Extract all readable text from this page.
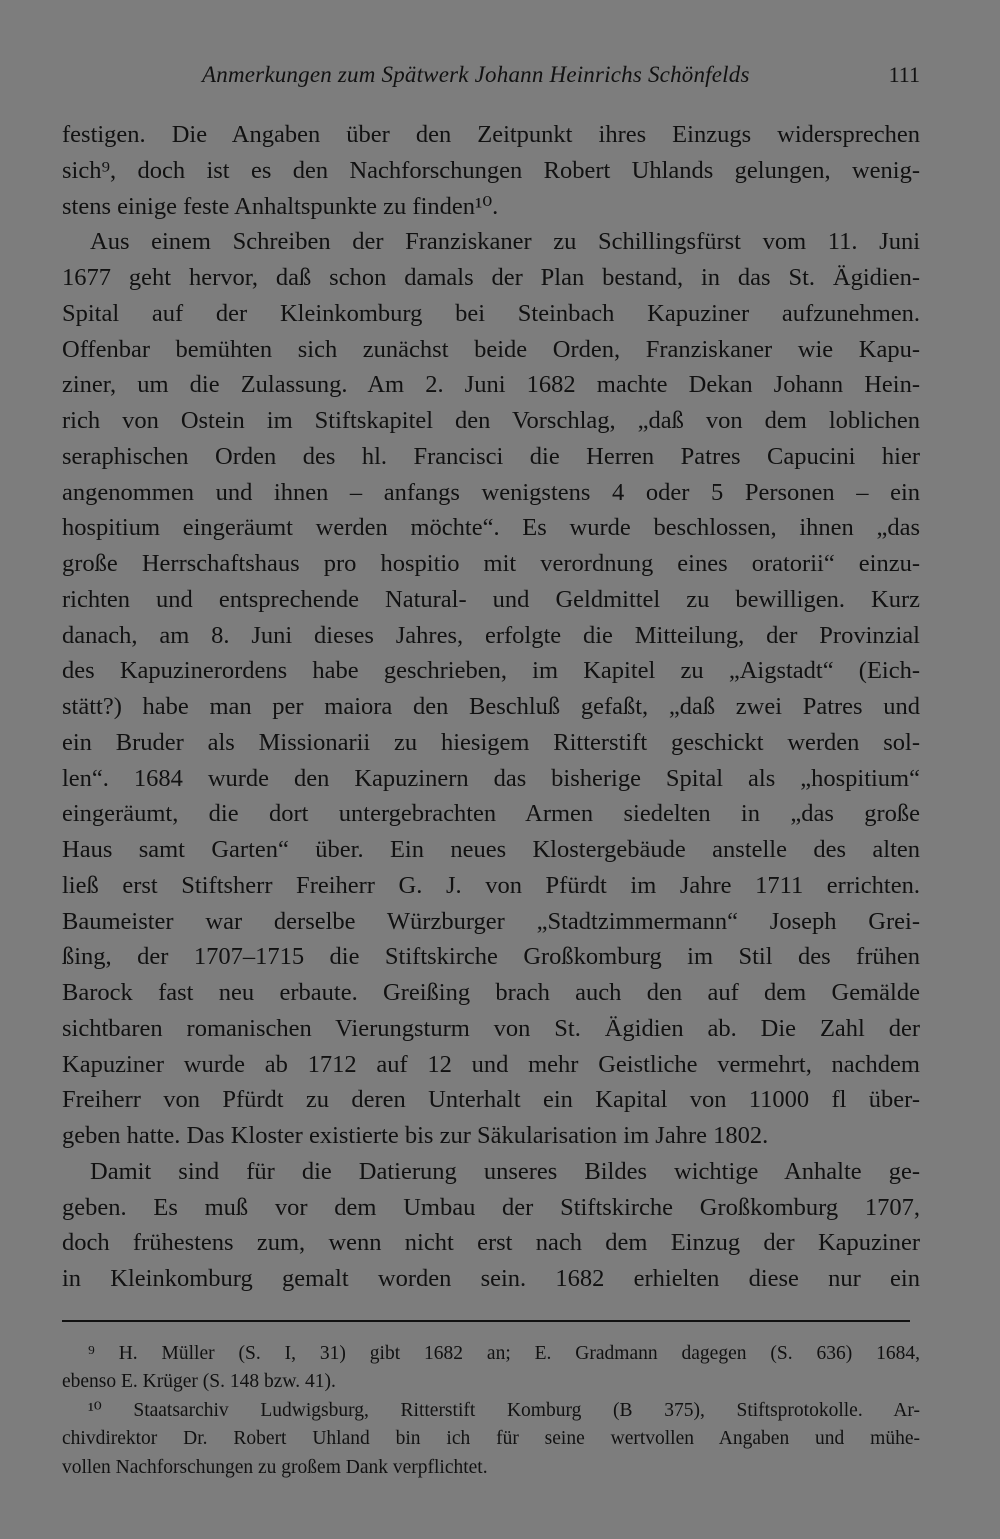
Anmerkungen zum Spätwerk Johann Heinrichs Schönfelds	111
festigen. Die Angaben über den Zeitpunkt ihres Einzugs widersprechen
sich⁹, doch ist es den Nachforschungen Robert Uhlands gelungen, wenig-
stens einige feste Anhaltspunkte zu finden¹⁰.
Aus einem Schreiben der Franziskaner zu Schillingsfürst vom 11. Juni
1677 geht hervor, daß schon damals der Plan bestand, in das St. Ägidien-
Spital auf der Kleinkomburg bei Steinbach Kapuziner aufzunehmen.
Offenbar bemühten sich zunächst beide Orden, Franziskaner wie Kapu-
ziner, um die Zulassung. Am 2. Juni 1682 machte Dekan Johann Hein-
rich von Ostein im Stiftskapitel den Vorschlag, „daß von dem loblichen
seraphischen Orden des hl. Francisci die Herren Patres Capucini hier
angenommen und ihnen – anfangs wenigstens 4 oder 5 Personen – ein
hospitium eingeräumt werden möchte“. Es wurde beschlossen, ihnen „das
große Herrschaftshaus pro hospitio mit verordnung eines oratorii“ einzu-
richten und entsprechende Natural- und Geldmittel zu bewilligen. Kurz
danach, am 8. Juni dieses Jahres, erfolgte die Mitteilung, der Provinzial
des Kapuzinerordens habe geschrieben, im Kapitel zu „Aigstadt“ (Eich-
stätt?) habe man per maiora den Beschluß gefaßt, „daß zwei Patres und
ein Bruder als Missionarii zu hiesigem Ritterstift geschickt werden sol-
len“. 1684 wurde den Kapuzinern das bisherige Spital als „hospitium“
eingeräumt, die dort untergebrachten Armen siedelten in „das große
Haus samt Garten“ über. Ein neues Klostergebäude anstelle des alten
ließ erst Stiftsherr Freiherr G. J. von Pfürdt im Jahre 1711 errichten.
Baumeister war derselbe Würzburger „Stadtzimmermann“ Joseph Grei-
ßing, der 1707–1715 die Stiftskirche Großkomburg im Stil des frühen
Barock fast neu erbaute. Greißing brach auch den auf dem Gemälde
sichtbaren romanischen Vierungsturm von St. Ägidien ab. Die Zahl der
Kapuziner wurde ab 1712 auf 12 und mehr Geistliche vermehrt, nachdem
Freiherr von Pfürdt zu deren Unterhalt ein Kapital von 11000 fl über-
geben hatte. Das Kloster existierte bis zur Säkularisation im Jahre 1802.
Damit sind für die Datierung unseres Bildes wichtige Anhalte ge-
geben. Es muß vor dem Umbau der Stiftskirche Großkomburg 1707,
doch frühestens zum, wenn nicht erst nach dem Einzug der Kapuziner
in Kleinkomburg gemalt worden sein. 1682 erhielten diese nur ein
⁹ H. Müller (S. I, 31) gibt 1682 an; E. Gradmann dagegen (S. 636) 1684,
ebenso E. Krüger (S. 148 bzw. 41).
¹⁰ Staatsarchiv Ludwigsburg, Ritterstift Komburg (B 375), Stiftsprotokolle. Ar-
chivdirektor Dr. Robert Uhland bin ich für seine wertvollen Angaben und mühe-
vollen Nachforschungen zu großem Dank verpflichtet.
